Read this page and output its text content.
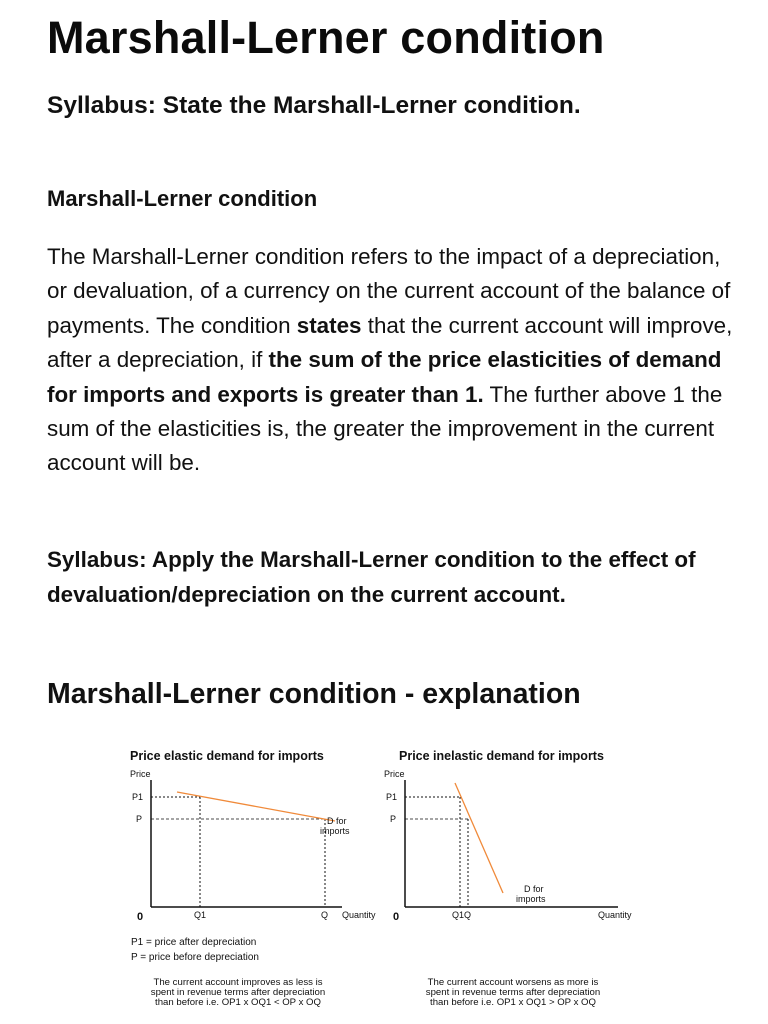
Marshall-Lerner condition
Syllabus: State the Marshall-Lerner condition.
Marshall-Lerner condition

The Marshall-Lerner condition refers to the impact of a depreciation, or devaluation, of a currency on the current account of the balance of payments. The condition states that the current account will improve, after a depreciation, if the sum of the price elasticities of demand for imports and exports is greater than 1. The further above 1 the sum of the elasticities is, the greater the improvement in the current account will be.

Syllabus: Apply the Marshall-Lerner condition to the effect of devaluation/depreciation on the current account.
Marshall-Lerner condition - explanation
Price elastic demand for imports
Price
P1
P	D for
imports
0	Q1	Q Quantity
Price inelastic demand for imports
Price
0
P1
P
D for
imports
Q1Q	Quantity
P1 = price after depreciation
P = price before depreciation
The current account improves as less is
spent in revenue terms after depreciation
than before i.e. OP1 x OQ1 < OP x OQ
The current account worsens as more is
spent in revenue terms after depreciation
than before i.e. OP1 x OQ1 > OP x OQ
